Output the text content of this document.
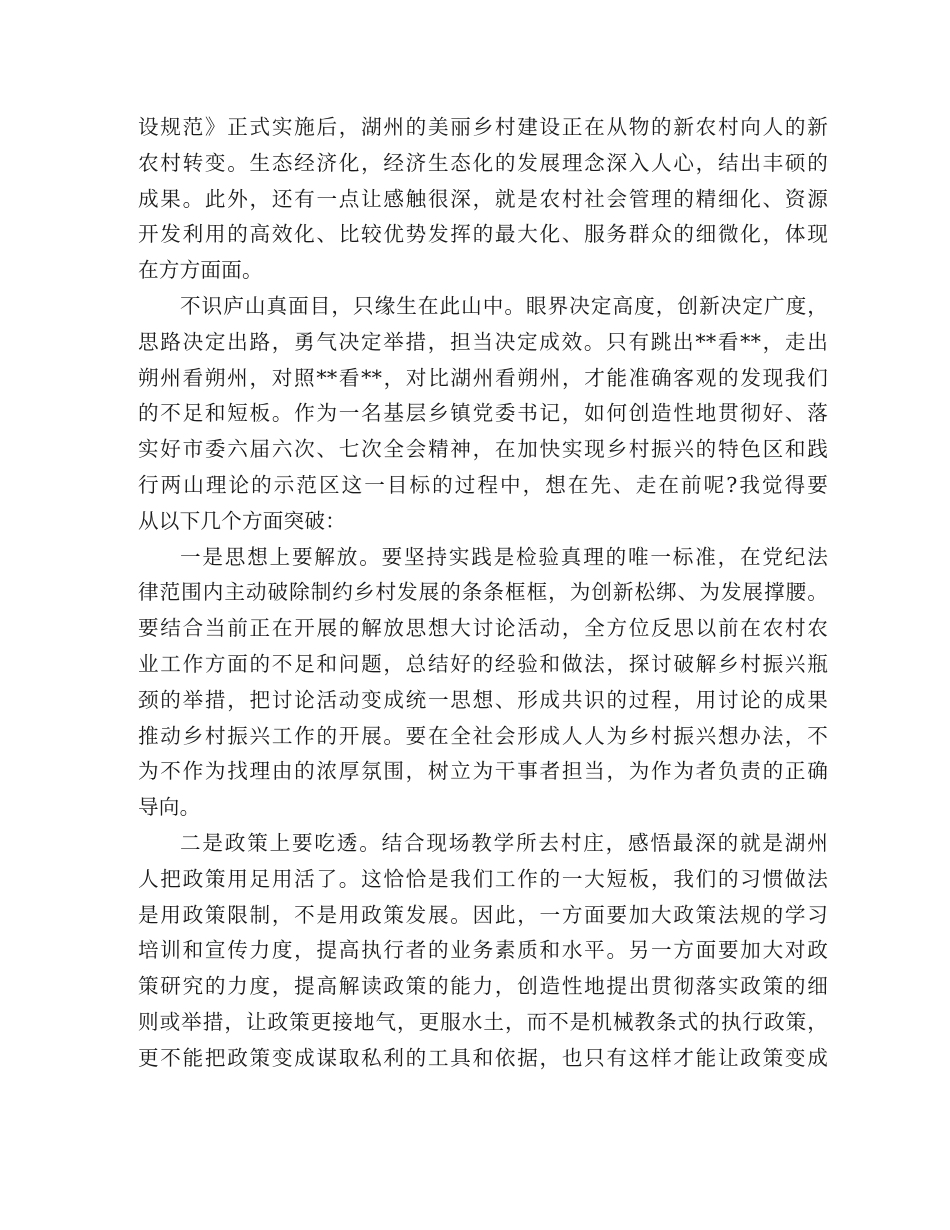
设规范》正式实施后，湖州的美丽乡村建设正在从物的新农村向人的新
农村转变。生态经济化，经济生态化的发展理念深入人心，结出丰硕的
成果。此外，还有一点让感触很深，就是农村社会管理的精细化、资源
开发利用的高效化、比较优势发挥的最大化、服务群众的细微化，体现
在方方面面。
不识庐山真面目，只缘生在此山中。眼界决定高度，创新决定广度，
思路决定出路，勇气决定举措，担当决定成效。只有跳出**看**，走出
朔州看朔州，对照**看**，对比湖州看朔州，才能准确客观的发现我们
的不足和短板。作为一名基层乡镇党委书记，如何创造性地贯彻好、落
实好市委六届六次、七次全会精神，在加快实现乡村振兴的特色区和践
行两山理论的示范区这一目标的过程中，想在先、走在前呢?我觉得要
从以下几个方面突破：
一是思想上要解放。要坚持实践是检验真理的唯一标准，在党纪法
律范围内主动破除制约乡村发展的条条框框，为创新松绑、为发展撑腰。
要结合当前正在开展的解放思想大讨论活动，全方位反思以前在农村农
业工作方面的不足和问题，总结好的经验和做法，探讨破解乡村振兴瓶
颈的举措，把讨论活动变成统一思想、形成共识的过程，用讨论的成果
推动乡村振兴工作的开展。要在全社会形成人人为乡村振兴想办法，不
为不作为找理由的浓厚氛围，树立为干事者担当，为作为者负责的正确
导向。
二是政策上要吃透。结合现场教学所去村庄，感悟最深的就是湖州
人把政策用足用活了。这恰恰是我们工作的一大短板，我们的习惯做法
是用政策限制，不是用政策发展。因此，一方面要加大政策法规的学习
培训和宣传力度，提高执行者的业务素质和水平。另一方面要加大对政
策研究的力度，提高解读政策的能力，创造性地提出贯彻落实政策的细
则或举措，让政策更接地气，更服水土，而不是机械教条式的执行政策，
更不能把政策变成谋取私利的工具和依据，也只有这样才能让政策变成
